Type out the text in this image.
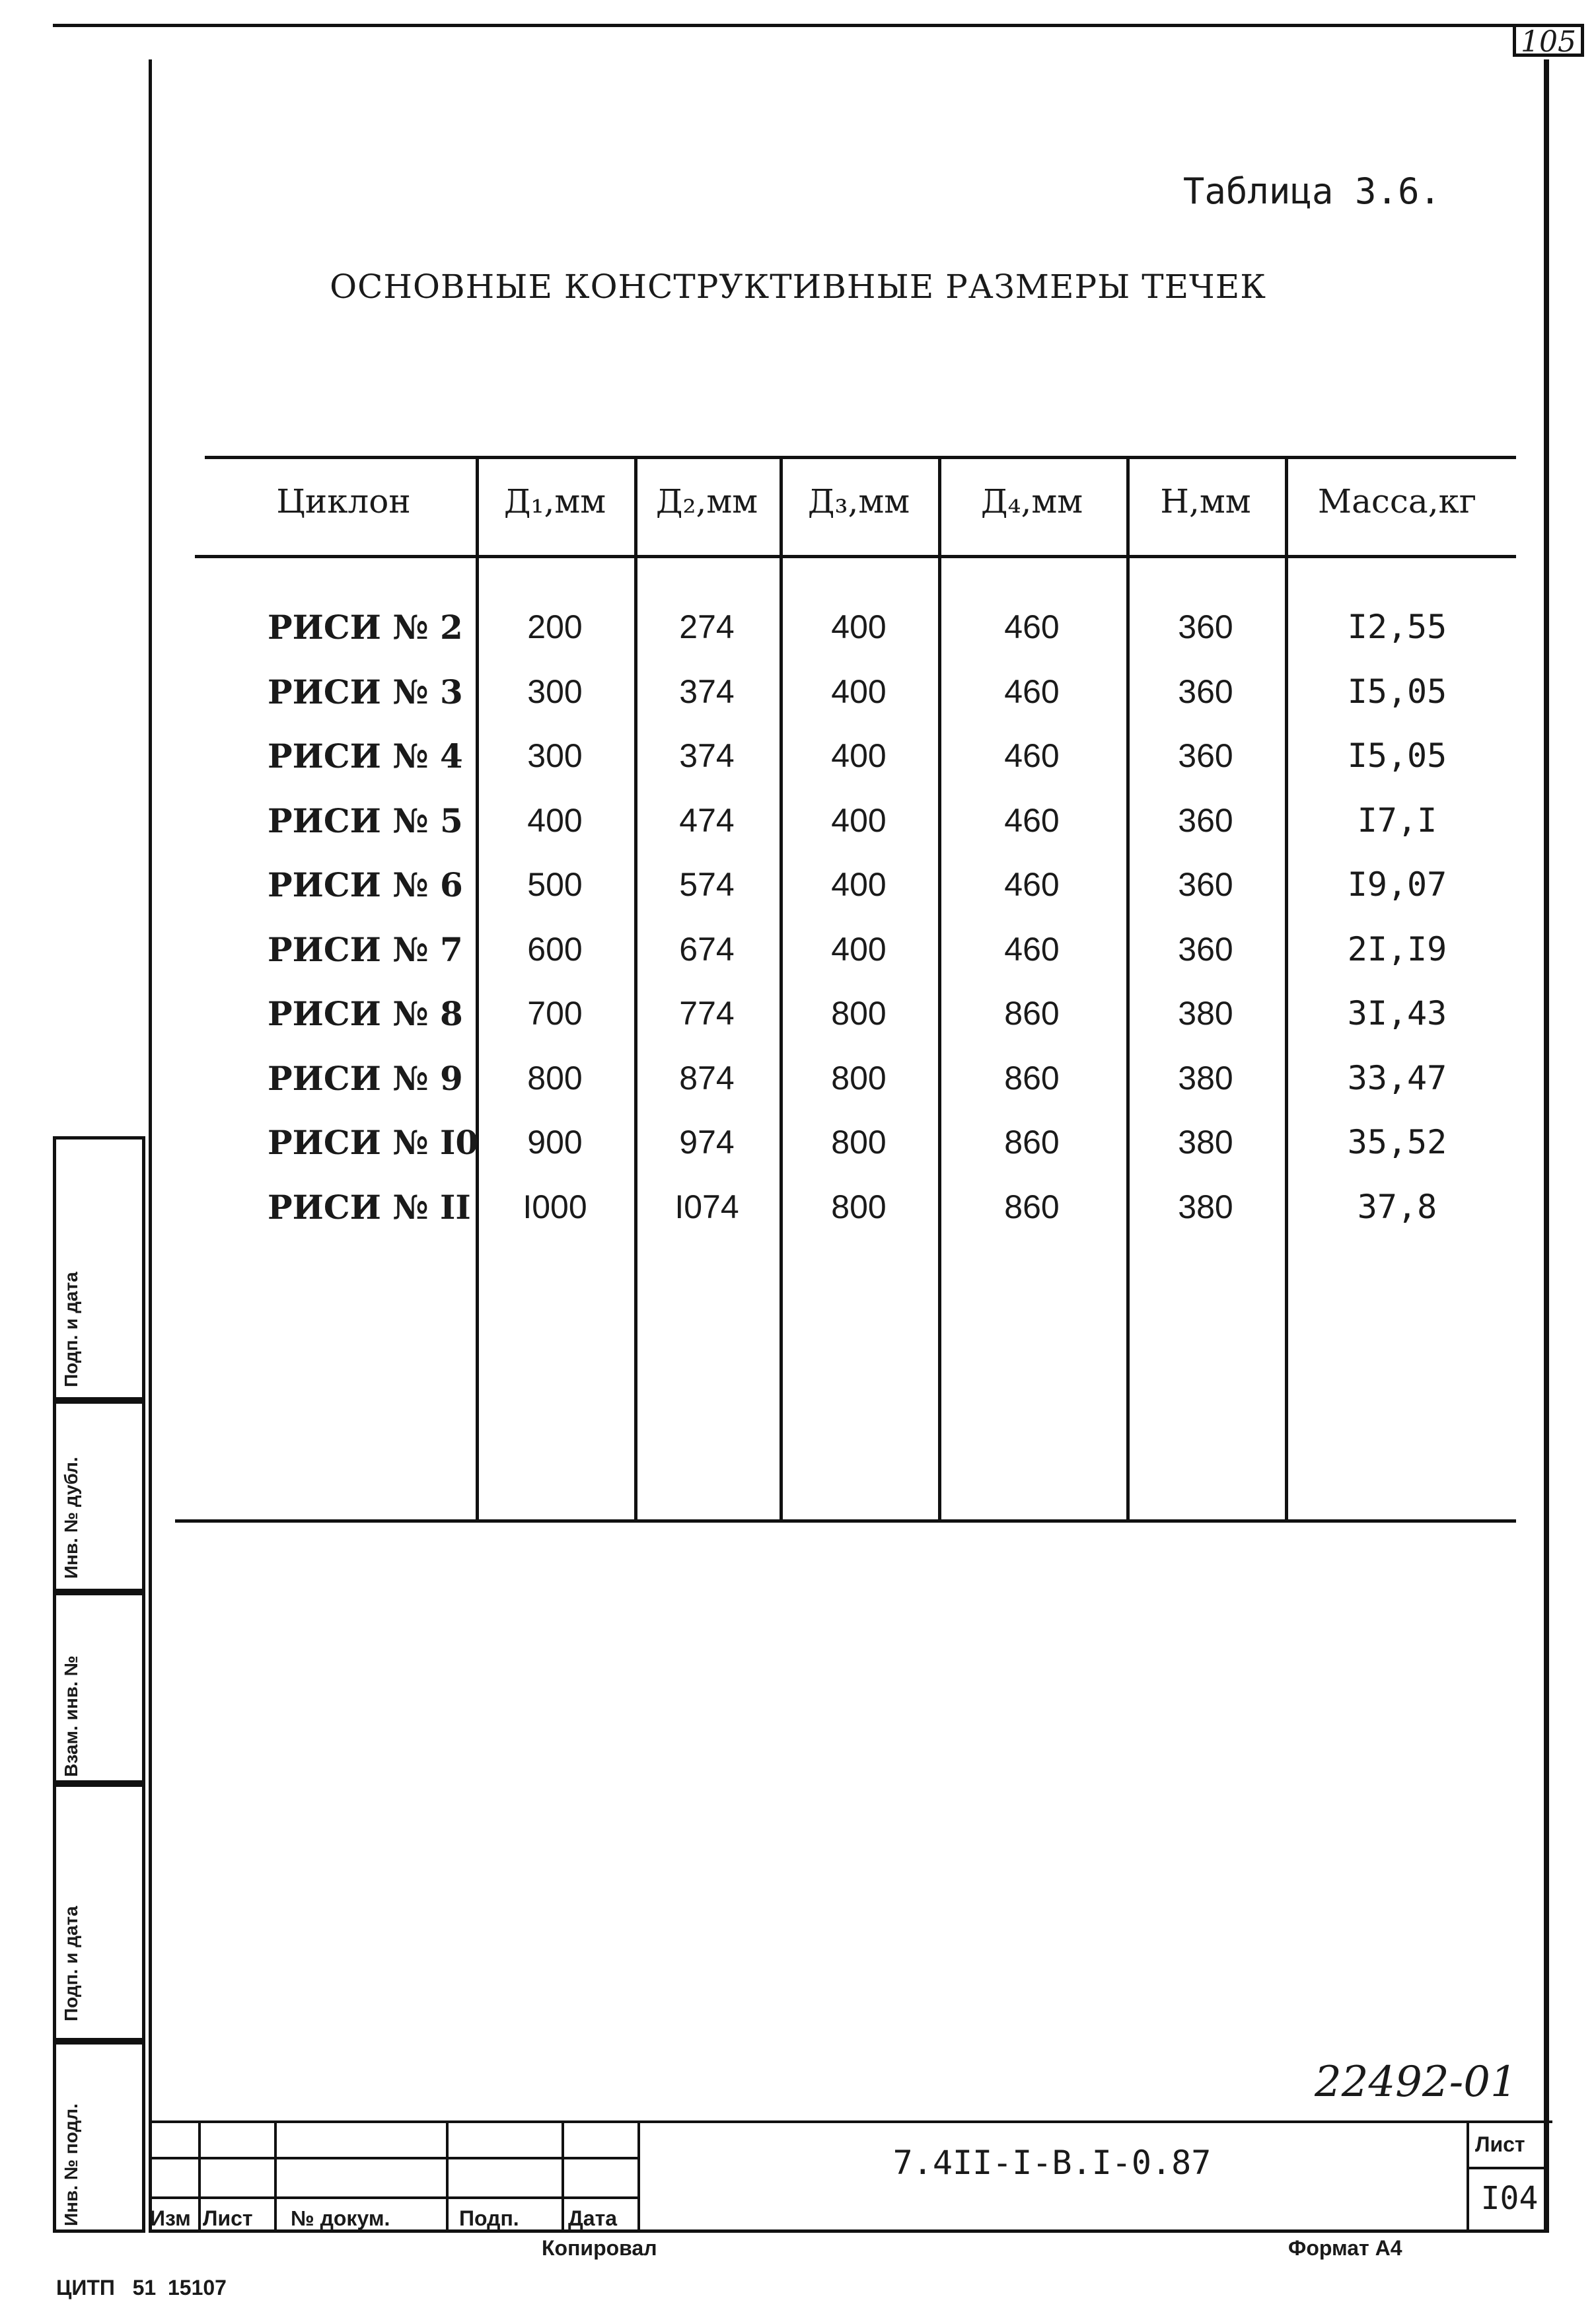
105
Таблица 3.6.
ОСНОВНЫЕ КОНСТРУКТИВНЫЕ РАЗМЕРЫ ТЕЧЕК
Циклон	Д₁,мм	Д₂,мм	Д₃,мм	Д₄,мм	Н,мм	Масса,кг
РИСИ № 2	200	274	400	460	360	I2,55
РИСИ № 3	300	374	400	460	360	I5,05
РИСИ № 4	300	374	400	460	360	I5,05
РИСИ № 5	400	474	400	460	360	I7,I
РИСИ № 6	500	574	400	460	360	I9,07
РИСИ № 7	600	674	400	460	360	2I,I9
РИСИ № 8	700	774	800	860	380	3I,43
РИСИ № 9	800	874	800	860	380	33,47
РИСИ № I0	900	974	800	860	380	35,52
РИСИ № II	I000	I074	800	860	380	37,8
Подп. и дата
Инв. № дубл.
Взам. инв. №
Подп. и дата
Инв. № подл.
22492-01
Изм Лист № докум.	Подп. Дата
7.4II-I-В.I-0.87	Лист
I04
Копировал	Формат А4
ЦИТП   51  15107
